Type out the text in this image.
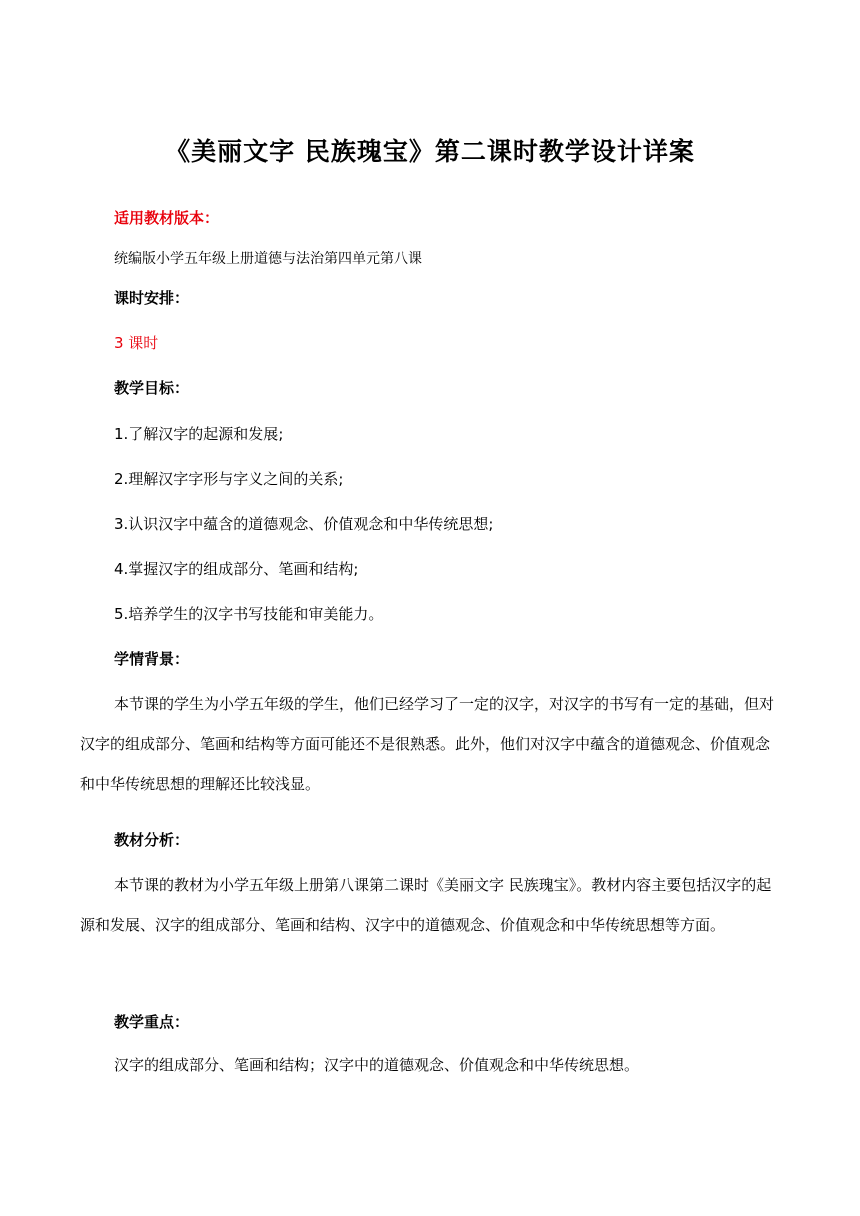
《美丽文字 民族瑰宝》第二课时教学设计详案
适用教材版本：
统编版小学五年级上册道德与法治第四单元第八课
课时安排：
3 课时
教学目标：
1.了解汉字的起源和发展;
2.理解汉字字形与字义之间的关系;
3.认识汉字中蕴含的道德观念、价值观念和中华传统思想;
4.掌握汉字的组成部分、笔画和结构;
5.培养学生的汉字书写技能和审美能力。
学情背景：
本节课的学生为小学五年级的学生，他们已经学习了一定的汉字，对汉字的书写有一定的基础，但对汉字的组成部分、笔画和结构等方面可能还不是很熟悉。此外，他们对汉字中蕴含的道德观念、价值观念和中华传统思想的理解还比较浅显。
教材分析：
本节课的教材为小学五年级上册第八课第二课时《美丽文字 民族瑰宝》。教材内容主要包括汉字的起源和发展、汉字的组成部分、笔画和结构、汉字中的道德观念、价值观念和中华传统思想等方面。
教学重点：
汉字的组成部分、笔画和结构；汉字中的道德观念、价值观念和中华传统思想。
